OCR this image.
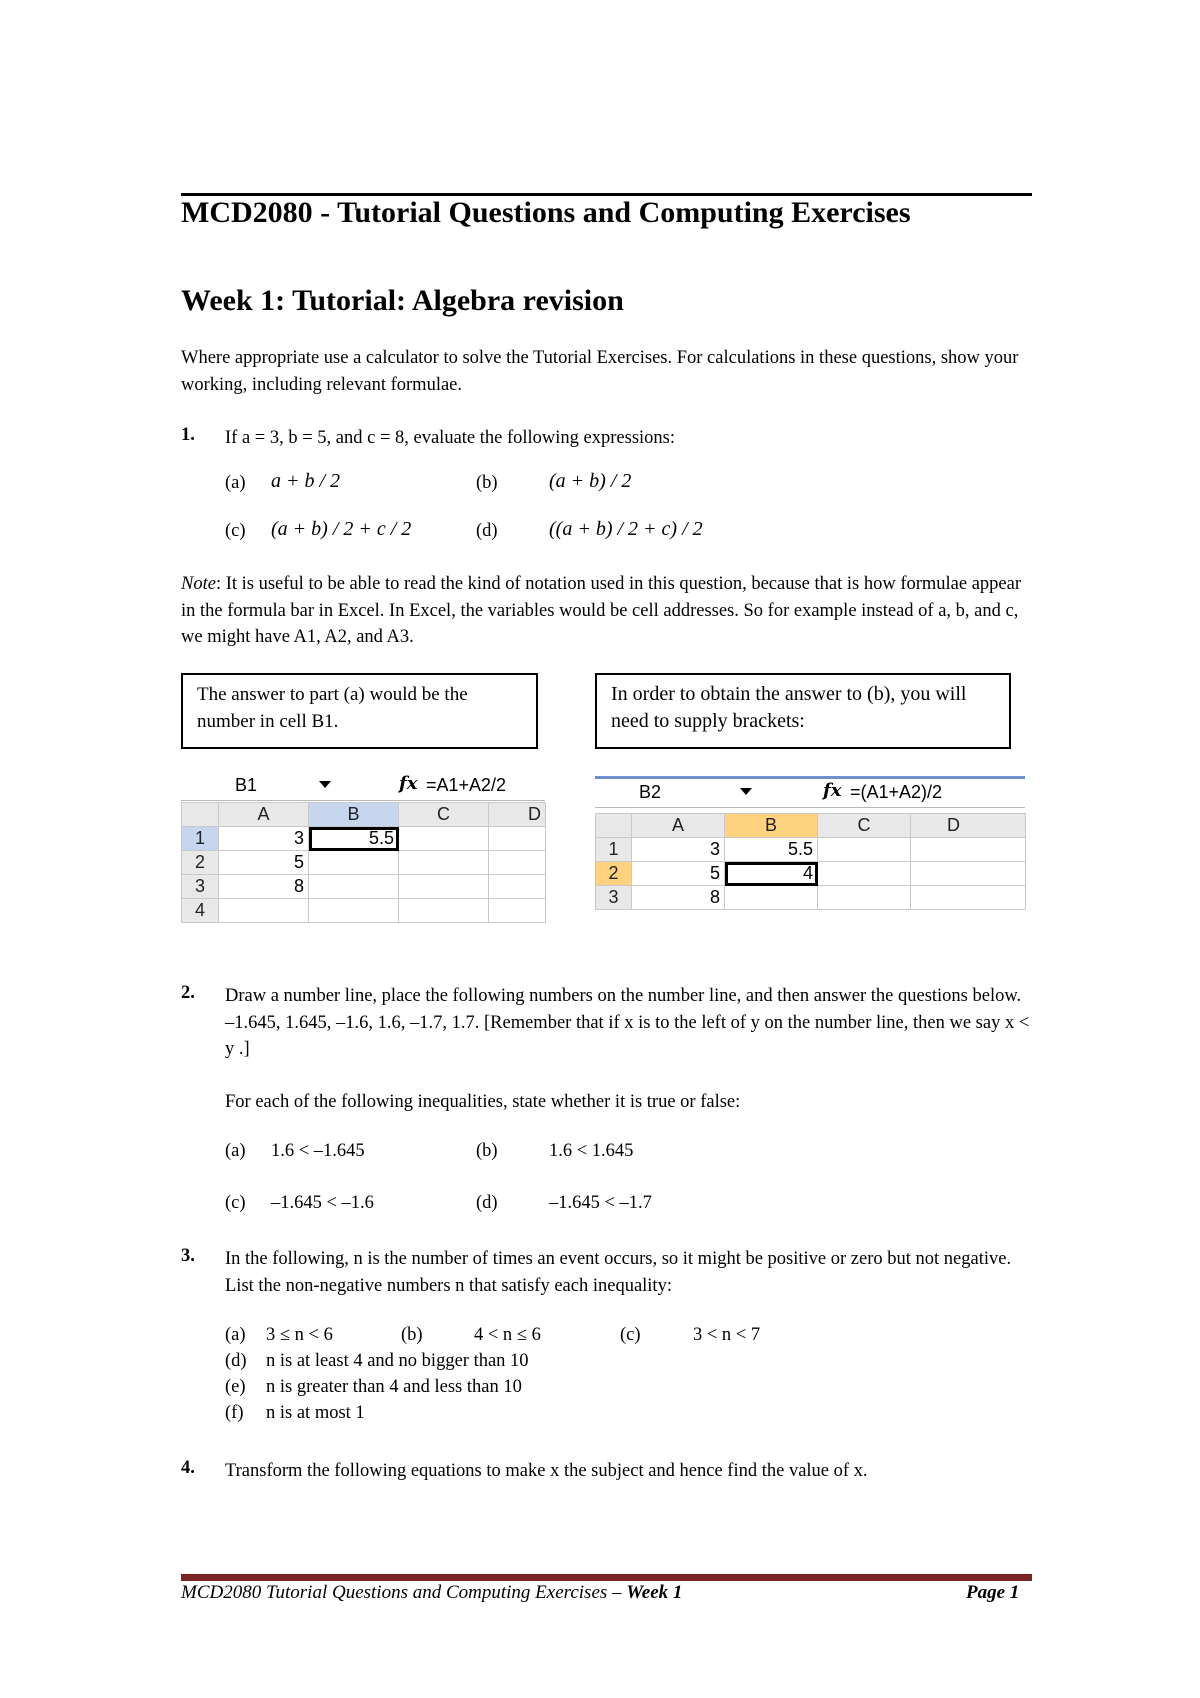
MCD2080 - Tutorial Questions and Computing Exercises
Week 1: Tutorial: Algebra revision
Where appropriate use a calculator to solve the Tutorial Exercises. For calculations in these questions, show your working, including relevant formulae.
1. If a = 3, b = 5, and c = 8, evaluate the following expressions:
(a) a + b / 2	(b)	(a + b) / 2
(c) (a + b) / 2 + c / 2	(d)	((a + b) / 2 + c) / 2
Note: It is useful to be able to read the kind of notation used in this question, because that is how formulae appear in the formula bar in Excel. In Excel, the variables would be cell addresses. So for example instead of a, b, and c, we might have A1, A2, and A3.
The answer to part (a) would be the number in cell B1.
In order to obtain the answer to (b), you will need to supply brackets:
B1	fx =A1+A2/2
	A	B	C	D
1	3	5.5		
2	5			
3	8			
4				
B2	fx =(A1+A2)/2
	A	B	C	D
1	3	5.5		
2	5	4		
3	8			
2. Draw a number line, place the following numbers on the number line, and then answer the questions below. –1.645, 1.645, –1.6, 1.6, –1.7, 1.7. [Remember that if x is to the left of y on the number line, then we say x < y .]
For each of the following inequalities, state whether it is true or false:
(a) 1.6 < –1.645	(b)	1.6 < 1.645
(c) –1.645 < –1.6	(d)	–1.645 < –1.7
3. In the following, n is the number of times an event occurs, so it might be positive or zero but not negative. List the non-negative numbers n that satisfy each inequality:
(a) 3 ≤ n < 6	(b)	4 < n ≤ 6	(c)	3 < n < 7
(d) n is at least 4 and no bigger than 10
(e) n is greater than 4 and less than 10
(f) n is at most 1
4. Transform the following equations to make x the subject and hence find the value of x.
MCD2080 Tutorial Questions and Computing Exercises – Week 1	Page 1
